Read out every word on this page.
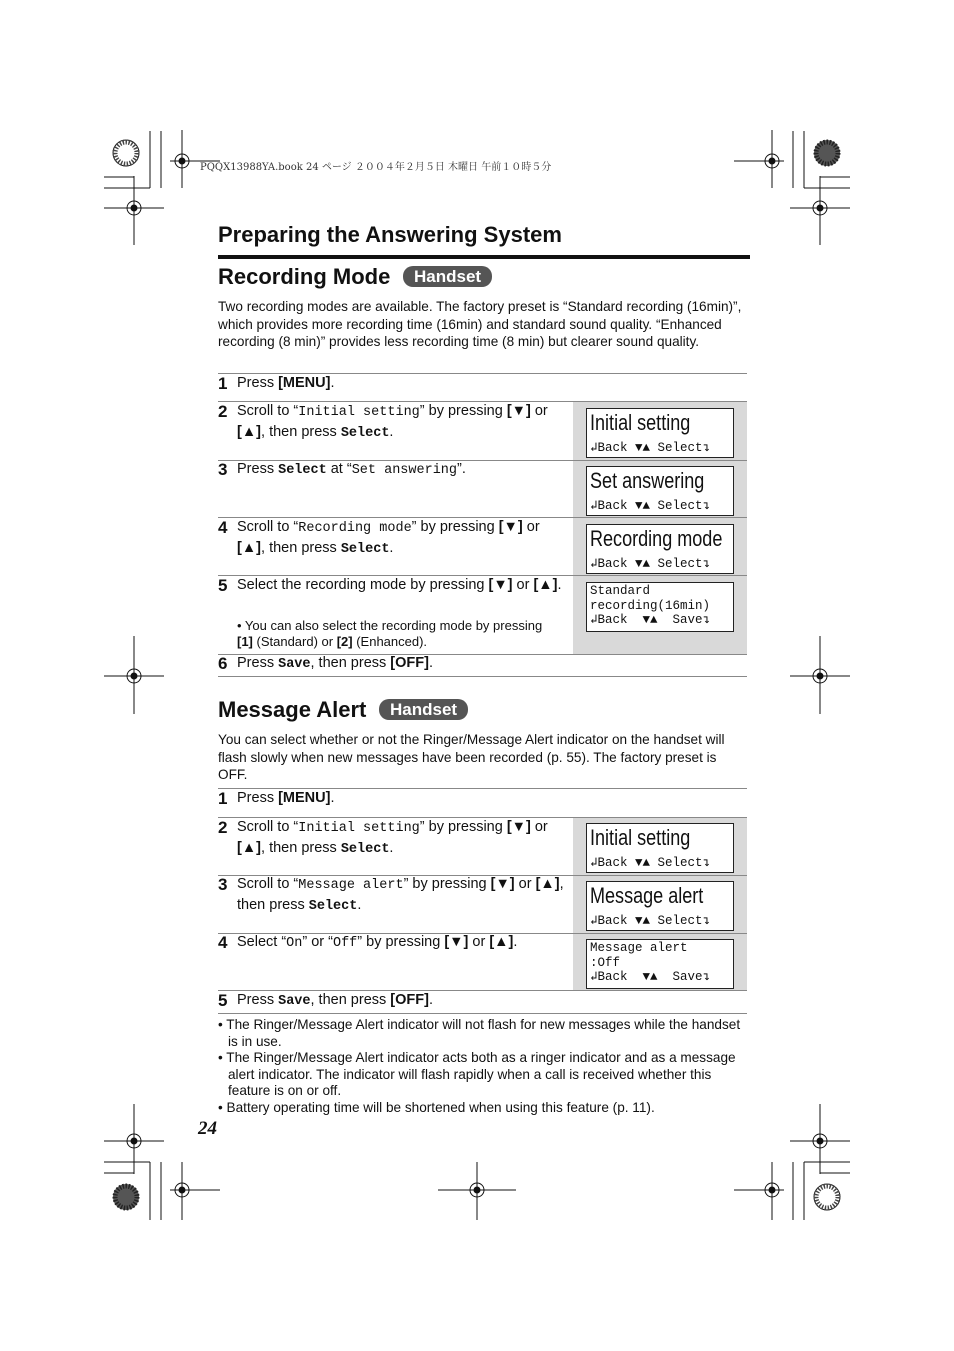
PQQX13988YA.book 24 ページ ２００４年２月５日 木曜日 午前１０時５分
Preparing the Answering System
Recording Mode	Handset
Two recording modes are available. The factory preset is “Standard recording (16min)”, which provides more recording time (16min) and standard sound quality. “Enhanced recording (8 min)” provides less recording time (8 min) but clearer sound quality.
1 Press [MENU].
2 Scroll to “Initial setting” by pressing [▼] or [▲], then press Select.	Initial setting
↲Back ▼▲ Select↴
3 Press Select at “Set answering”.	Set answering
↲Back ▼▲ Select↴
4 Scroll to “Recording mode” by pressing [▼] or [▲], then press Select.	Recording mode
↲Back ▼▲ Select↴
5 Select the recording mode by pressing [▼] or [▲].
• You can also select the recording mode by pressing [1] (Standard) or [2] (Enhanced).
Standard
recording(16min)
↲Back  ▼▲  Save↴
6 Press Save, then press [OFF].
Message Alert	Handset
You can select whether or not the Ringer/Message Alert indicator on the handset will flash slowly when new messages have been recorded (p. 55). The factory preset is OFF.
1 Press [MENU].
2 Scroll to “Initial setting” by pressing [▼] or [▲], then press Select.	Initial setting
↲Back ▼▲ Select↴
3 Scroll to “Message alert” by pressing [▼] or [▲], then press Select.	Message alert
↲Back ▼▲ Select↴
4 Select “On” or “Off” by pressing [▼] or [▲].	Message alert
:Off
↲Back  ▼▲  Save↴
5 Press Save, then press [OFF].
• The Ringer/Message Alert indicator will not flash for new messages while the handset is in use.
• The Ringer/Message Alert indicator acts both as a ringer indicator and as a message alert indicator. The indicator will flash rapidly when a call is received whether this feature is on or off.
• Battery operating time will be shortened when using this feature (p. 11).
24
